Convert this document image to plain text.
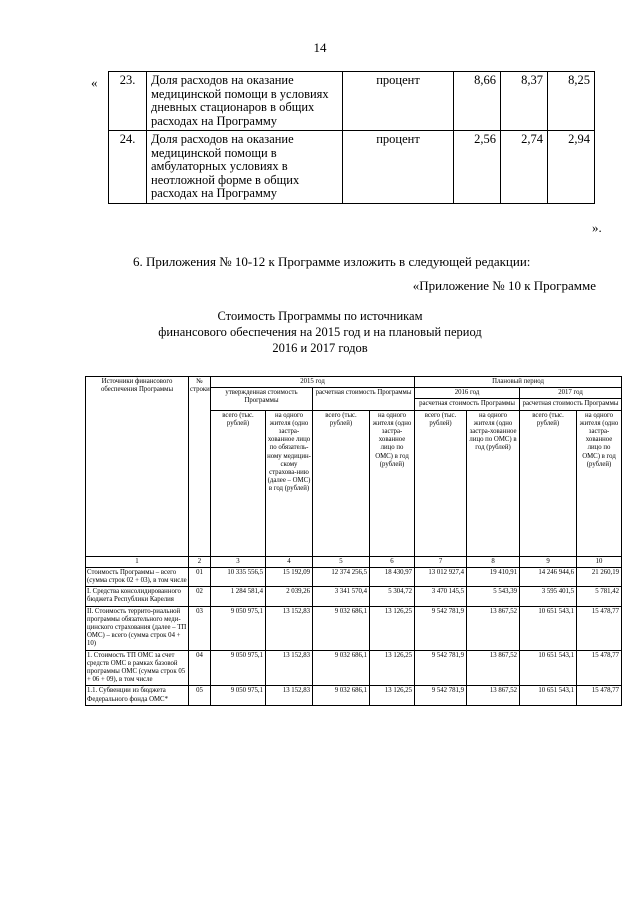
14
« 23.	Доля расходов на оказание медицинской помощи в условиях дневных стационаров в общих расходах на Программу	процент	8,66	8,37	8,25
24.	Доля расходов на оказание медицинской помощи в амбулаторных условиях в неотложной форме в общих расходах на Программу	процент	2,56	2,74	2,94
».
6. Приложения № 10-12 к Программе изложить в следующей редакции:
«Приложение № 10 к Программе
Стоимость Программы по источникам
финансового обеспечения на 2015 год и на плановый период
2016 и 2017 годов
Источники финансового обеспечения Программы	№ строки	2015 год				Плановый период			
		утвержденная стоимость Программы		расчетная стоимость Программы		2016 год		2017 год	
						расчетная стоимость Программы		расчетная стоимость Программы	
		всего (тыс. рублей)	на одного жителя (одно застра-хованное лицо по обязатель-ному медицин-скому страхова-нию (далее – ОМС) в год (рублей)	всего (тыс. рублей)	на одного жителя (одно застра-хованное лицо по ОМС) в год (рублей)	всего (тыс. рублей)	на одного жителя (одно застра-хованное лицо по ОМС) в год (рублей)	всего (тыс. рублей)	на одного жителя (одно застра-хованное лицо по ОМС) в год (рублей)
1	2	3	4	5	6	7	8	9	10
Стоимость Программы – всего (сумма строк 02 + 03), в том числе	01	10 335 556,5	15 192,09	12 374 256,5	18 430,97	13 012 927,4	19 410,91	14 246 944,6	21 260,19
I. Средства консолидированного бюджета Республики Карелия	02	1 284 581,4	2 039,26	3 341 570,4	5 304,72	3 470 145,5	5 543,39	3 595 401,5	5 781,42
II. Стоимость террито-риальной программы обязательного меди-цинского страхования (далее – ТП ОМС) – всего (сумма строк 04 + 10)	03	9 050 975,1	13 152,83	9 032 686,1	13 126,25	9 542 781,9	13 867,52	10 651 543,1	15 478,77
1. Стоимость ТП ОМС за счет средств ОМС в рамках базовой программы ОМС (сумма строк 05 + 06 + 09), в том числе	04	9 050 975,1	13 152,83	9 032 686,1	13 126,25	9 542 781,9	13 867,52	10 651 543,1	15 478,77
1.1. Субвенции из бюджета Федерального фонда ОМС*	05	9 050 975,1	13 152,83	9 032 686,1	13 126,25	9 542 781,9	13 867,52	10 651 543,1	15 478,77
